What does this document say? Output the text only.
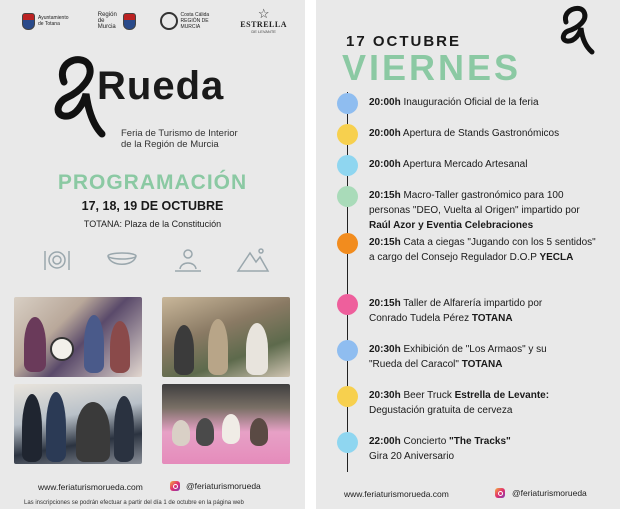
Ayuntamiento de Totana
Región de Murcia
Costa Cálida REGIÓN DE MURCIA
☆
ESTRELLA
DE LEVANTE
Rueda
Feria de Turismo de Interior
de la Región de Murcia
PROGRAMACIÓN
17, 18, 19 DE OCTUBRE
TOTANA: Plaza de la Constitución
www.feriaturismorueda.com	@feriaturismorueda
Las inscripciones se podrán efectuar a partir del día 1 de octubre en la página web
17 OCTUBRE
VIERNES
20:00h Inauguración Oficial de la feria
20:00h Apertura de Stands Gastronómicos
20:00h Apertura Mercado Artesanal
20:15h Macro-Taller gastronómico para 100
personas "DEO, Vuelta al Origen" impartido por
Raúl Azor y Eventia Celebraciones
20:15h Cata a ciegas "Jugando con los 5 sentidos"
a cargo del Consejo Regulador D.O.P YECLA
20:15h Taller de Alfarería impartido por
Conrado Tudela Pérez TOTANA
20:30h Exhibición de "Los Armaos" y su
"Rueda del Caracol" TOTANA
20:30h Beer Truck Estrella de Levante:
Degustación gratuita de cerveza
22:00h Concierto "The Tracks"
Gira 20 Aniversario
www.feriaturismorueda.com	@feriaturismorueda
